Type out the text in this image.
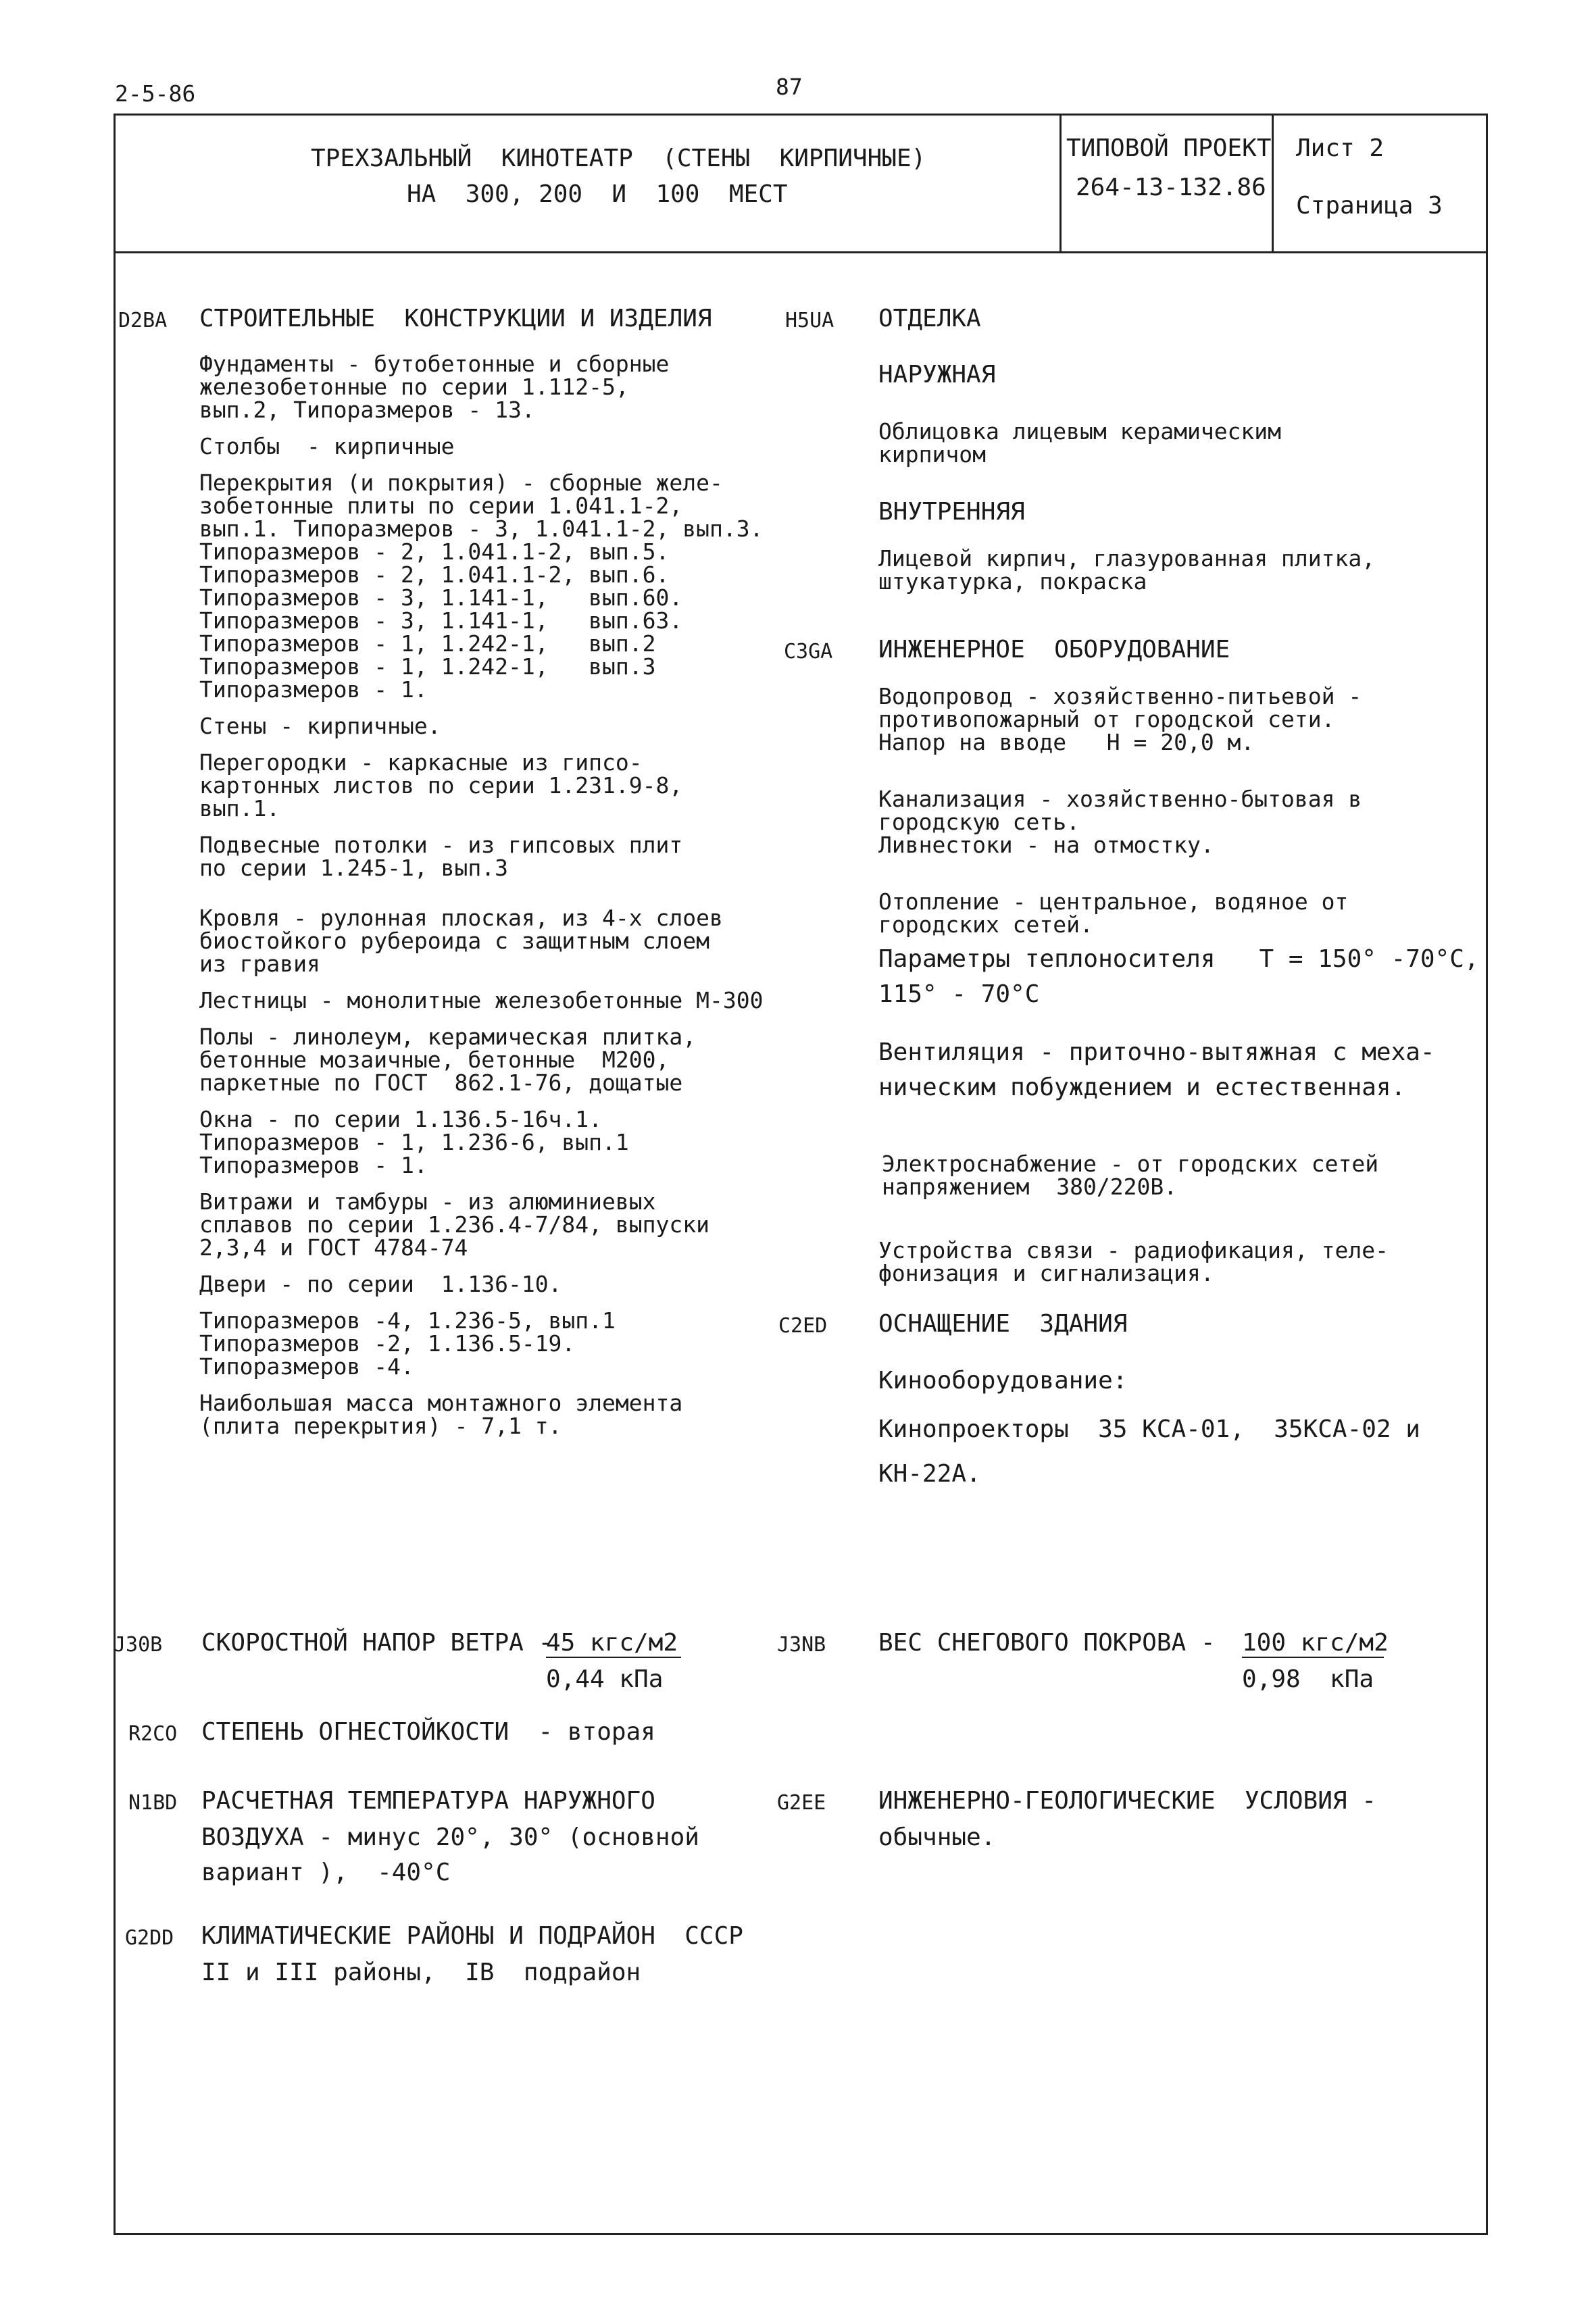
2-5-86	87
ТРЕХЗАЛЬНЫЙ  КИНОТЕАТР  (СТЕНЫ  КИРПИЧНЫЕ)
НА  300, 200  И  100  МЕСТ
ТИПОВОЙ ПРОЕКТ
264-13-132.86
Лист 2
Страница 3
D2BA СТРОИТЕЛЬНЫЕ  КОНСТРУКЦИИ И ИЗДЕЛИЯ
Фундаменты - бутобетонные и сборные
железобетонные по серии 1.112-5,
вып.2, Типоразмеров - 13.
Столбы  - кирпичные
Перекрытия (и покрытия) - сборные желе-
зобетонные плиты по серии 1.041.1-2,
вып.1. Типоразмеров - 3, 1.041.1-2, вып.3.
Типоразмеров - 2, 1.041.1-2, вып.5.
Типоразмеров - 2, 1.041.1-2, вып.6.
Типоразмеров - 3, 1.141-1,   вып.60.
Типоразмеров - 3, 1.141-1,   вып.63.
Типоразмеров - 1, 1.242-1,   вып.2
Типоразмеров - 1, 1.242-1,   вып.3
Типоразмеров - 1.
Стены - кирпичные.
Перегородки - каркасные из гипсо-
картонных листов по серии 1.231.9-8,
вып.1.
Подвесные потолки - из гипсовых плит
по серии 1.245-1, вып.3
Кровля - рулонная плоская, из 4-х слоев
биостойкого рубероида с защитным слоем
из гравия
Лестницы - монолитные железобетонные М-300
Полы - линолеум, керамическая плитка,
бетонные мозаичные, бетонные  М200,
паркетные по ГОСТ  862.1-76, дощатые
Окна - по серии 1.136.5-16ч.1.
Типоразмеров - 1, 1.236-6, вып.1
Типоразмеров - 1.
Витражи и тамбуры - из алюминиевых
сплавов по серии 1.236.4-7/84, выпуски
2,3,4 и ГОСТ 4784-74
Двери - по серии  1.136-10.
Типоразмеров -4, 1.236-5, вып.1
Типоразмеров -2, 1.136.5-19.
Типоразмеров -4.
Наибольшая масса монтажного элемента
(плита перекрытия) - 7,1 т.
H5UA ОТДЕЛКА
НАРУЖНАЯ
Облицовка лицевым керамическим
кирпичом
ВНУТРЕННЯЯ
Лицевой кирпич, глазурованная плитка,
штукатурка, покраска
C3GA ИНЖЕНЕРНОЕ  ОБОРУДОВАНИЕ
Водопровод - хозяйственно-питьевой -
противопожарный от городской сети.
Напор на вводе   Н = 20,0 м.
Канализация - хозяйственно-бытовая в
городскую сеть.
Ливнестоки - на отмостку.
Отопление - центральное, водяное от
городских сетей.
Параметры теплоносителя   Т = 150° -70°С,
115° - 70°С
Вентиляция - приточно-вытяжная с меха-
ническим побуждением и естественная.
Электроснабжение - от городских сетей
напряжением  380/220В.
Устройства связи - радиофикация, теле-
фонизация и сигнализация.
C2ED ОСНАЩЕНИЕ  ЗДАНИЯ
Кинооборудование:
Кинопроекторы  35 КСА-01,  35КСА-02 и
КН-22А.
J30B СКОРОСТНОЙ НАПОР ВЕТРА -
45 кгс/м2
0,44 кПа
J3NB ВЕС СНЕГОВОГО ПОКРОВА - 100 кгс/м2
0,98  кПа
R2CO СТЕПЕНЬ ОГНЕСТОЙКОСТИ  - вторая
N1BD РАСЧЕТНАЯ ТЕМПЕРАТУРА НАРУЖНОГО
ВОЗДУХА - минус 20°, 30° (основной
вариант ),  -40°С
G2EE ИНЖЕНЕРНО-ГЕОЛОГИЧЕСКИЕ  УСЛОВИЯ -
обычные.
G2DD КЛИМАТИЧЕСКИЕ РАЙОНЫ И ПОДРАЙОН  СССР
II и III районы,  IB  подрайон
